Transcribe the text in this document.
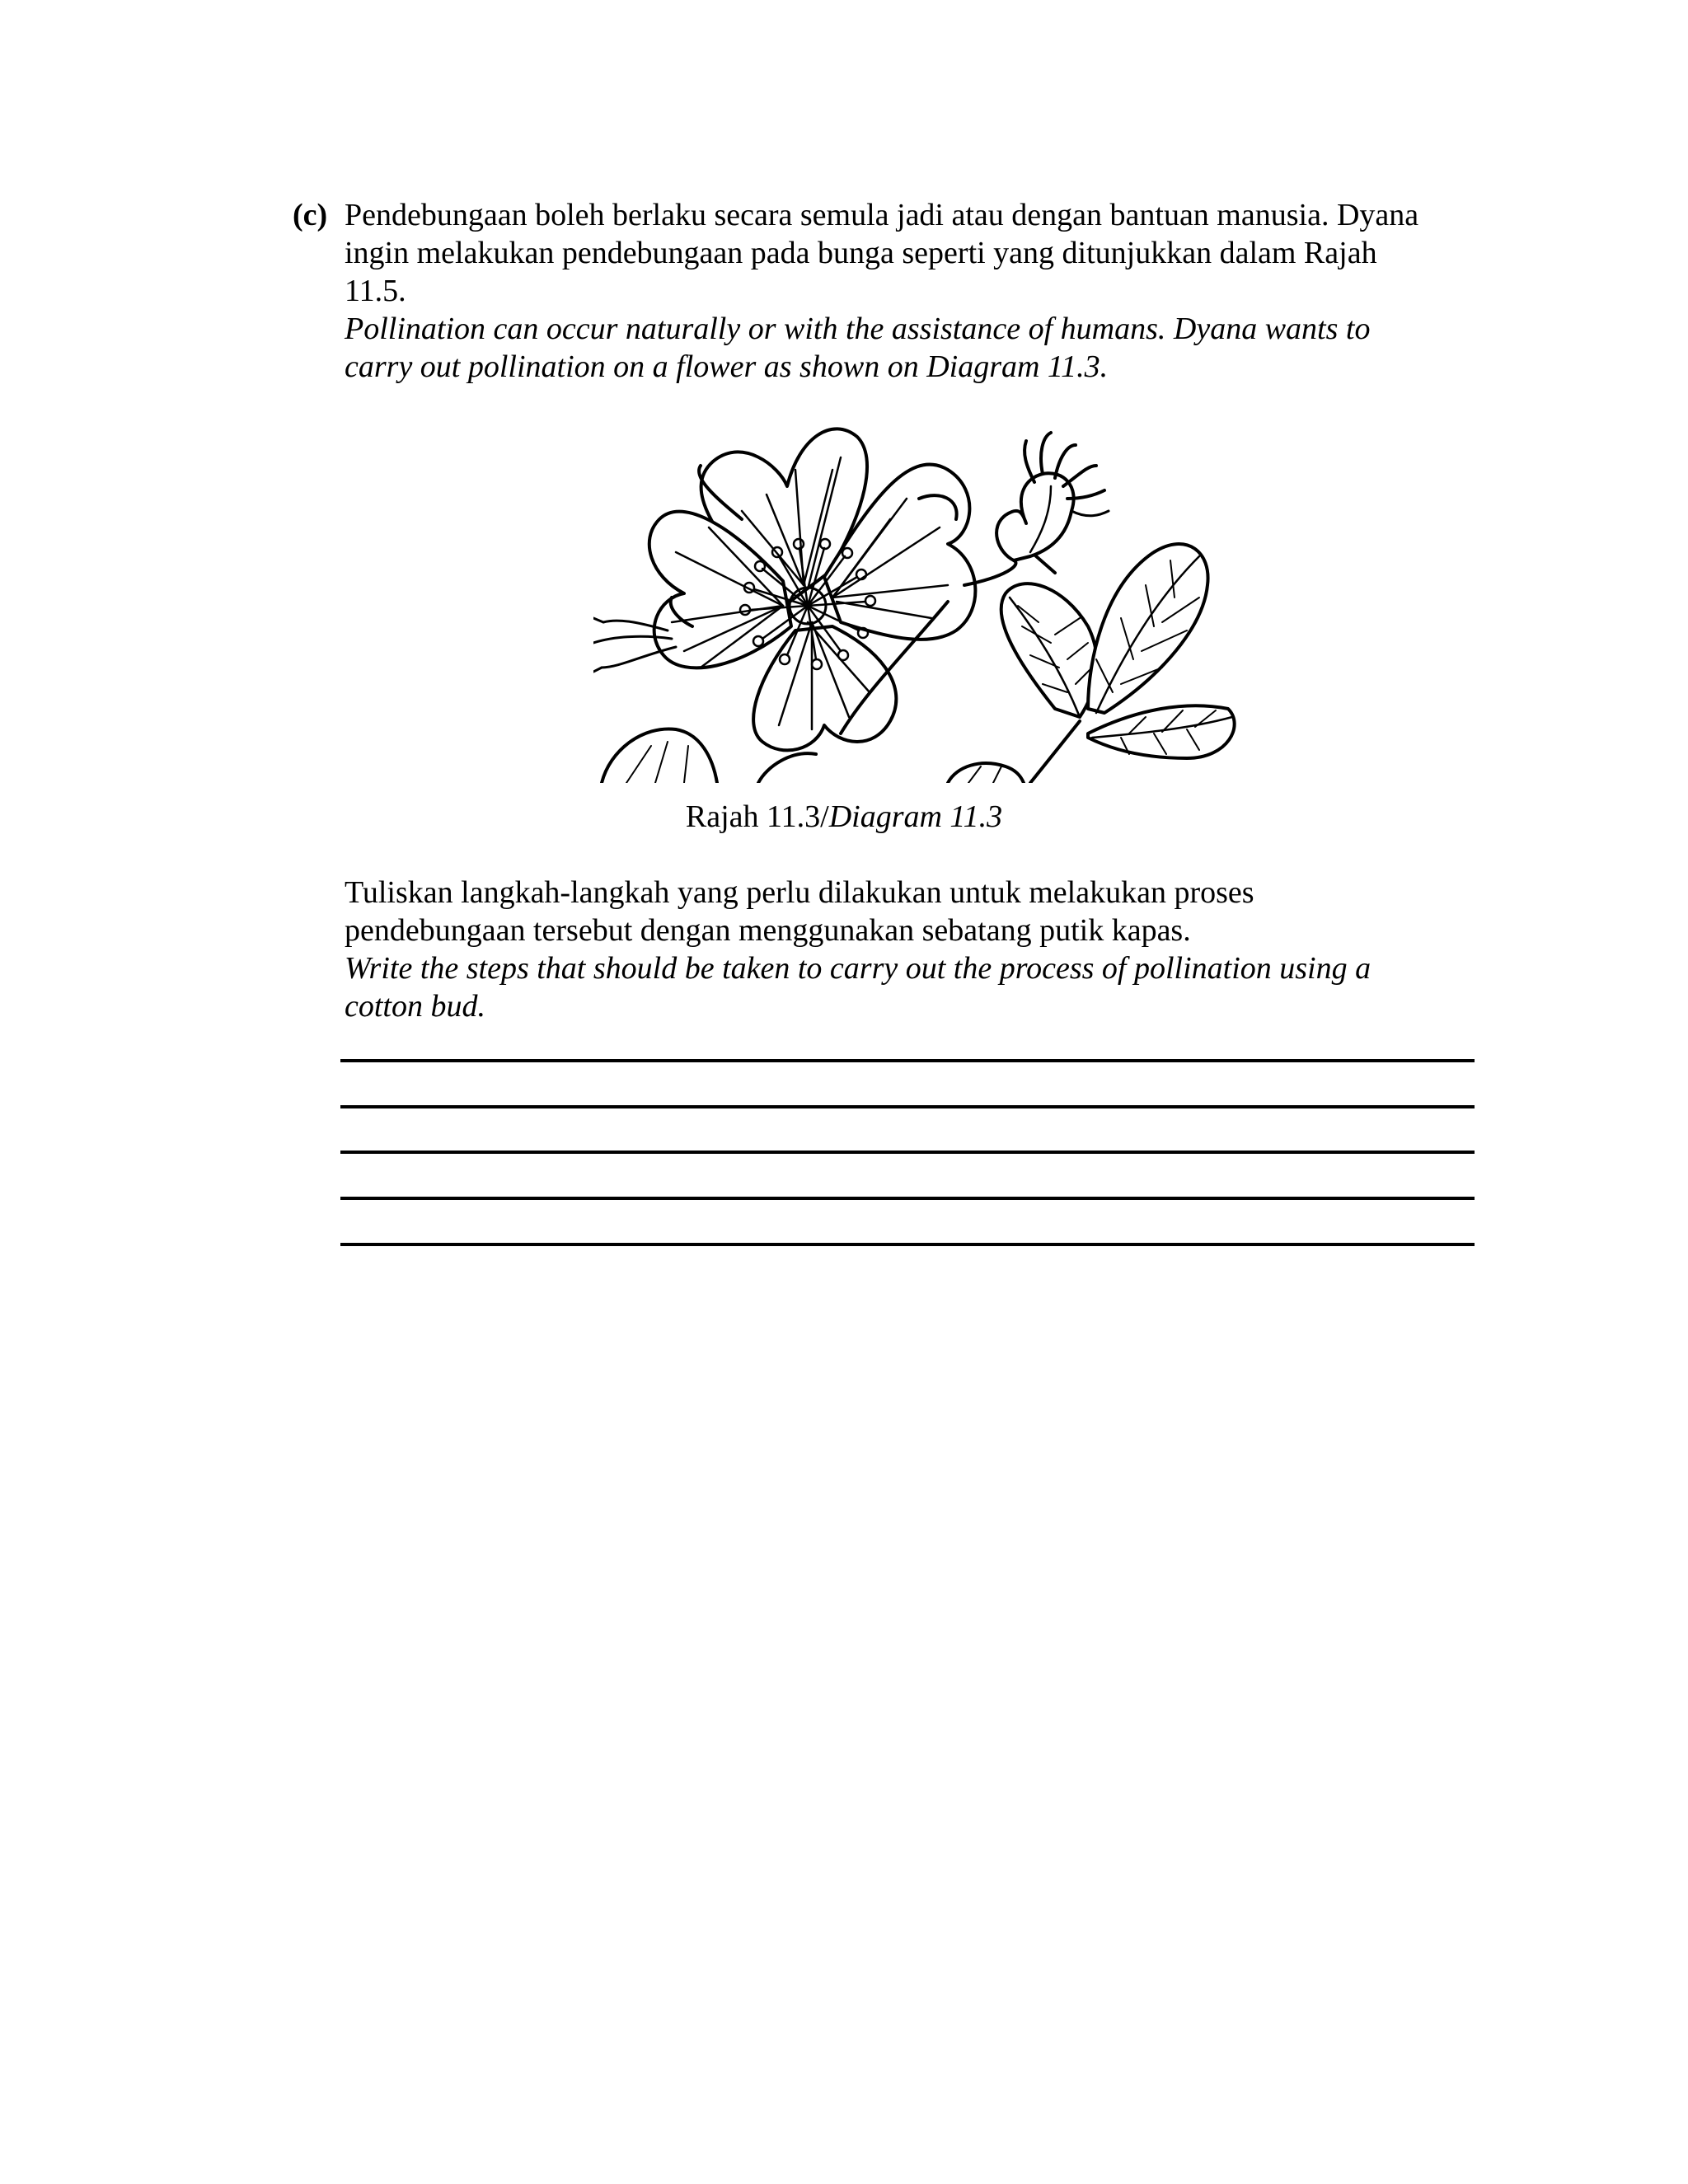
(c) Pendebungaan boleh berlaku secara semula jadi atau dengan bantuan manusia. Dyana

ingin melakukan pendebungaan pada bunga seperti yang ditunjukkan dalam Rajah

11.5.

Pollination can occur naturally or with the assistance of humans. Dyana wants to

carry out pollination on a flower as shown on Diagram 11.3.

Rajah 11.3/Diagram 11.3

Tuliskan langkah-langkah yang perlu dilakukan untuk melakukan proses

pendebungaan tersebut dengan menggunakan sebatang putik kapas.

Write the steps that should be taken to carry out the process of pollination using a

cotton bud.
